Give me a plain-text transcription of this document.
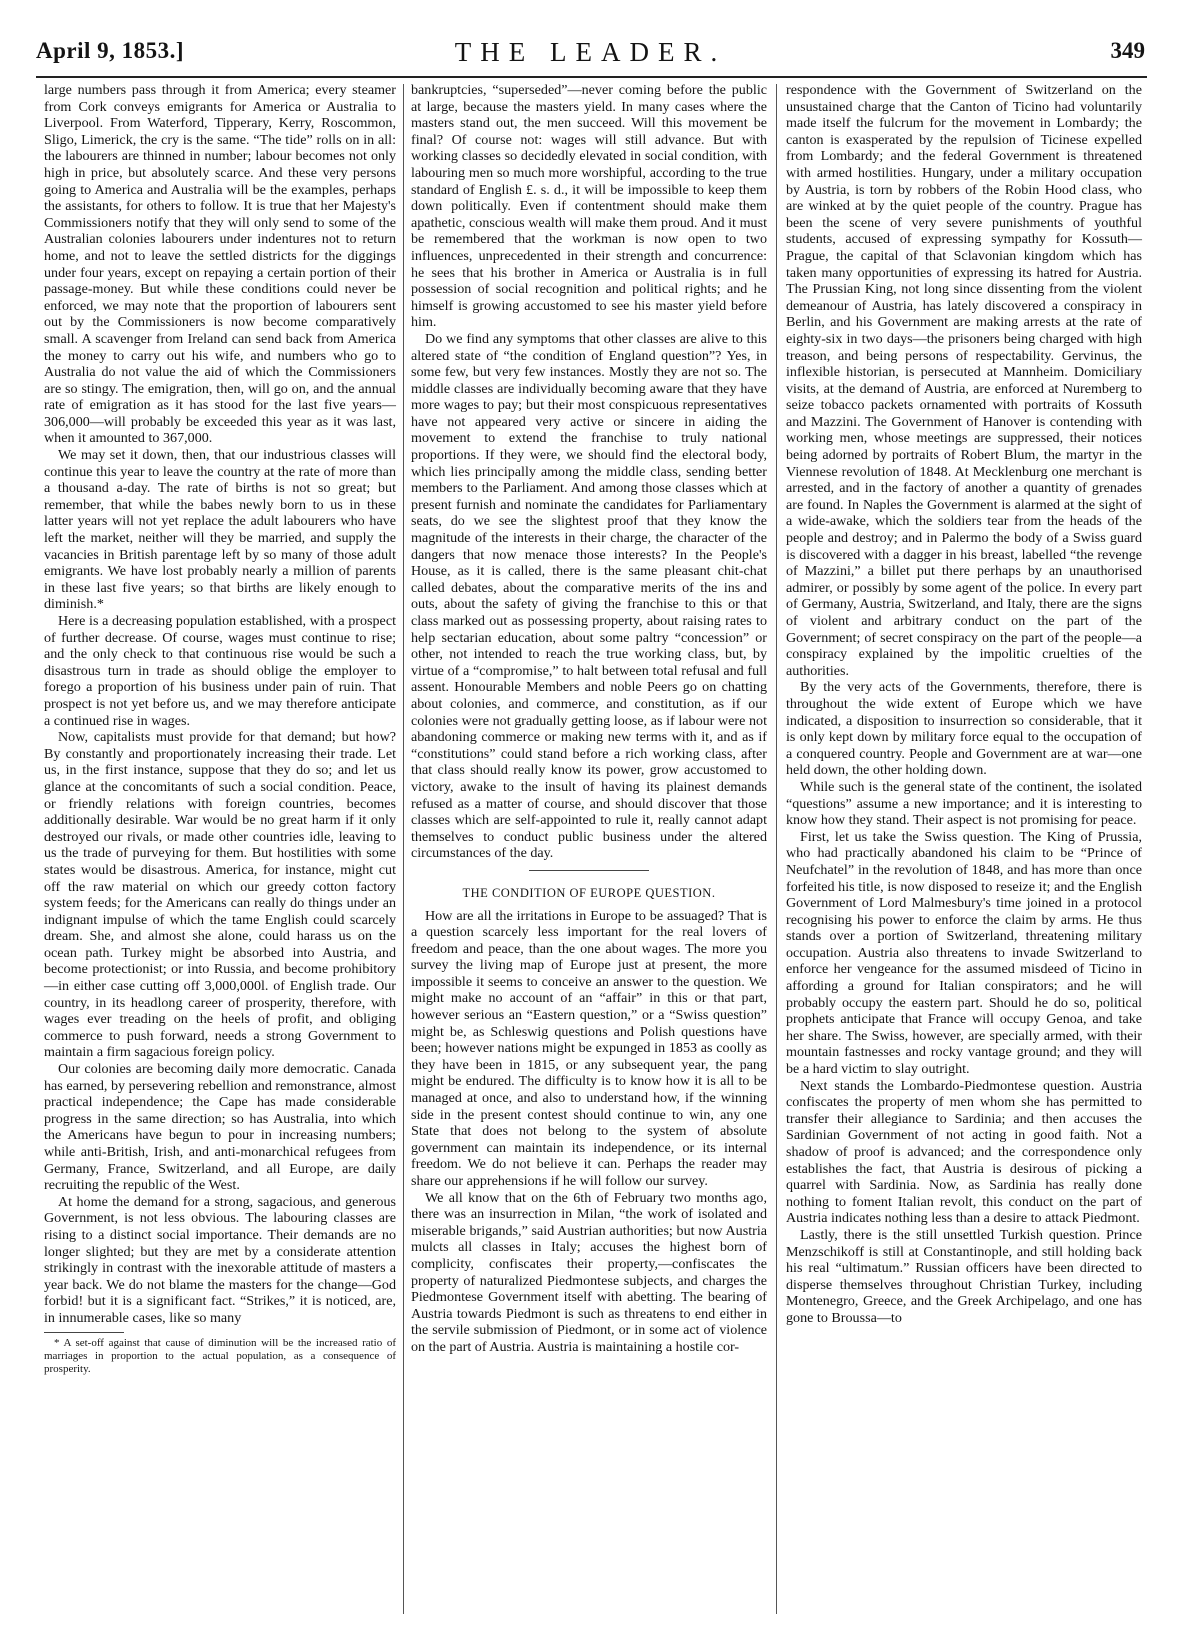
April 9, 1853.]	THE LEADER.	349

large numbers pass through it from America; every steamer from Cork conveys emigrants for America or Australia to Liverpool. From Waterford, Tipperary, Kerry, Roscommon, Sligo, Limerick, the cry is the same. “The tide” rolls on in all: the labourers are thinned in number; labour becomes not only high in price, but absolutely scarce. And these very persons going to America and Australia will be the examples, perhaps the assistants, for others to follow. It is true that her Majesty's Commissioners notify that they will only send to some of the Australian colonies labourers under indentures not to return home, and not to leave the settled districts for the diggings under four years, except on repaying a certain portion of their passage-money. But while these conditions could never be enforced, we may note that the proportion of labourers sent out by the Commissioners is now become comparatively small. A scavenger from Ireland can send back from America the money to carry out his wife, and numbers who go to Australia do not value the aid of which the Commissioners are so stingy. The emigration, then, will go on, and the annual rate of emigration as it has stood for the last five years—306,000—will probably be exceeded this year as it was last, when it amounted to 367,000.

We may set it down, then, that our industrious classes will continue this year to leave the country at the rate of more than a thousand a-day. The rate of births is not so great; but remember, that while the babes newly born to us in these latter years will not yet replace the adult labourers who have left the market, neither will they be married, and supply the vacancies in British parentage left by so many of those adult emigrants. We have lost probably nearly a million of parents in these last five years; so that births are likely enough to diminish.*

Here is a decreasing population established, with a prospect of further decrease. Of course, wages must continue to rise; and the only check to that continuous rise would be such a disastrous turn in trade as should oblige the employer to forego a proportion of his business under pain of ruin. That prospect is not yet before us, and we may therefore anticipate a continued rise in wages.

Now, capitalists must provide for that demand; but how? By constantly and proportionately increasing their trade. Let us, in the first instance, suppose that they do so; and let us glance at the concomitants of such a social condition. Peace, or friendly relations with foreign countries, becomes additionally desirable. War would be no great harm if it only destroyed our rivals, or made other countries idle, leaving to us the trade of purveying for them. But hostilities with some states would be disastrous. America, for instance, might cut off the raw material on which our greedy cotton factory system feeds; for the Americans can really do things under an indignant impulse of which the tame English could scarcely dream. She, and almost she alone, could harass us on the ocean path. Turkey might be absorbed into Austria, and become protectionist; or into Russia, and become prohibitory—in either case cutting off 3,000,000l. of English trade. Our country, in its headlong career of prosperity, therefore, with wages ever treading on the heels of profit, and obliging commerce to push forward, needs a strong Government to maintain a firm sagacious foreign policy.

Our colonies are becoming daily more democratic. Canada has earned, by persevering rebellion and remonstrance, almost practical independence; the Cape has made considerable progress in the same direction; so has Australia, into which the Americans have begun to pour in increasing numbers; while anti-British, Irish, and anti-monarchical refugees from Germany, France, Switzerland, and all Europe, are daily recruiting the republic of the West.

At home the demand for a strong, sagacious, and generous Government, is not less obvious. The labouring classes are rising to a distinct social importance. Their demands are no longer slighted; but they are met by a considerate attention strikingly in contrast with the inexorable attitude of masters a year back. We do not blame the masters for the change—God forbid! but it is a significant fact. “Strikes,” it is noticed, are, in innumerable cases, like so many

* A set-off against that cause of diminution will be the increased ratio of marriages in proportion to the actual population, as a consequence of prosperity.

bankruptcies, “superseded”—never coming before the public at large, because the masters yield. In many cases where the masters stand out, the men succeed. Will this movement be final? Of course not: wages will still advance. But with working classes so decidedly elevated in social condition, with labouring men so much more worshipful, according to the true standard of English £. s. d., it will be impossible to keep them down politically. Even if contentment should make them apathetic, conscious wealth will make them proud. And it must be remembered that the workman is now open to two influences, unprecedented in their strength and concurrence: he sees that his brother in America or Australia is in full possession of social recognition and political rights; and he himself is growing accustomed to see his master yield before him.

Do we find any symptoms that other classes are alive to this altered state of “the condition of England question”? Yes, in some few, but very few instances. Mostly they are not so. The middle classes are individually becoming aware that they have more wages to pay; but their most conspicuous representatives have not appeared very active or sincere in aiding the movement to extend the franchise to truly national proportions. If they were, we should find the electoral body, which lies principally among the middle class, sending better members to the Parliament. And among those classes which at present furnish and nominate the candidates for Parliamentary seats, do we see the slightest proof that they know the magnitude of the interests in their charge, the character of the dangers that now menace those interests? In the People's House, as it is called, there is the same pleasant chit-chat called debates, about the comparative merits of the ins and outs, about the safety of giving the franchise to this or that class marked out as possessing property, about raising rates to help sectarian education, about some paltry “concession” or other, not intended to reach the true working class, but, by virtue of a “compromise,” to halt between total refusal and full assent. Honourable Members and noble Peers go on chatting about colonies, and commerce, and constitution, as if our colonies were not gradually getting loose, as if labour were not abandoning commerce or making new terms with it, and as if “constitutions” could stand before a rich working class, after that class should really know its power, grow accustomed to victory, awake to the insult of having its plainest demands refused as a matter of course, and should discover that those classes which are self-appointed to rule it, really cannot adapt themselves to conduct public business under the altered circumstances of the day.

THE CONDITION OF EUROPE QUESTION.

How are all the irritations in Europe to be assuaged? That is a question scarcely less important for the real lovers of freedom and peace, than the one about wages. The more you survey the living map of Europe just at present, the more impossible it seems to conceive an answer to the question. We might make no account of an “affair” in this or that part, however serious an “Eastern question,” or a “Swiss question” might be, as Schleswig questions and Polish questions have been; however nations might be expunged in 1853 as coolly as they have been in 1815, or any subsequent year, the pang might be endured. The difficulty is to know how it is all to be managed at once, and also to understand how, if the winning side in the present contest should continue to win, any one State that does not belong to the system of absolute government can maintain its independence, or its internal freedom. We do not believe it can. Perhaps the reader may share our apprehensions if he will follow our survey.

We all know that on the 6th of February two months ago, there was an insurrection in Milan, “the work of isolated and miserable brigands,” said Austrian authorities; but now Austria mulcts all classes in Italy; accuses the highest born of complicity, confiscates their property,—confiscates the property of naturalized Piedmontese subjects, and charges the Piedmontese Government itself with abetting. The bearing of Austria towards Piedmont is such as threatens to end either in the servile submission of Piedmont, or in some act of violence on the part of Austria. Austria is maintaining a hostile cor-

respondence with the Government of Switzerland on the unsustained charge that the Canton of Ticino had voluntarily made itself the fulcrum for the movement in Lombardy; the canton is exasperated by the repulsion of Ticinese expelled from Lombardy; and the federal Government is threatened with armed hostilities. Hungary, under a military occupation by Austria, is torn by robbers of the Robin Hood class, who are winked at by the quiet people of the country. Prague has been the scene of very severe punishments of youthful students, accused of expressing sympathy for Kossuth—Prague, the capital of that Sclavonian kingdom which has taken many opportunities of expressing its hatred for Austria. The Prussian King, not long since dissenting from the violent demeanour of Austria, has lately discovered a conspiracy in Berlin, and his Government are making arrests at the rate of eighty-six in two days—the prisoners being charged with high treason, and being persons of respectability. Gervinus, the inflexible historian, is persecuted at Mannheim. Domiciliary visits, at the demand of Austria, are enforced at Nuremberg to seize tobacco packets ornamented with portraits of Kossuth and Mazzini. The Government of Hanover is contending with working men, whose meetings are suppressed, their notices being adorned by portraits of Robert Blum, the martyr in the Viennese revolution of 1848. At Mecklenburg one merchant is arrested, and in the factory of another a quantity of grenades are found. In Naples the Government is alarmed at the sight of a wide-awake, which the soldiers tear from the heads of the people and destroy; and in Palermo the body of a Swiss guard is discovered with a dagger in his breast, labelled “the revenge of Mazzini,” a billet put there perhaps by an unauthorised admirer, or possibly by some agent of the police. In every part of Germany, Austria, Switzerland, and Italy, there are the signs of violent and arbitrary conduct on the part of the Government; of secret conspiracy on the part of the people—a conspiracy explained by the impolitic cruelties of the authorities.

By the very acts of the Governments, therefore, there is throughout the wide extent of Europe which we have indicated, a disposition to insurrection so considerable, that it is only kept down by military force equal to the occupation of a conquered country. People and Government are at war—one held down, the other holding down.

While such is the general state of the continent, the isolated “questions” assume a new importance; and it is interesting to know how they stand. Their aspect is not promising for peace.

First, let us take the Swiss question. The King of Prussia, who had practically abandoned his claim to be “Prince of Neufchatel” in the revolution of 1848, and has more than once forfeited his title, is now disposed to reseize it; and the English Government of Lord Malmesbury's time joined in a protocol recognising his power to enforce the claim by arms. He thus stands over a portion of Switzerland, threatening military occupation. Austria also threatens to invade Switzerland to enforce her vengeance for the assumed misdeed of Ticino in affording a ground for Italian conspirators; and he will probably occupy the eastern part. Should he do so, political prophets anticipate that France will occupy Genoa, and take her share. The Swiss, however, are specially armed, with their mountain fastnesses and rocky vantage ground; and they will be a hard victim to slay outright.

Next stands the Lombardo-Piedmontese question. Austria confiscates the property of men whom she has permitted to transfer their allegiance to Sardinia; and then accuses the Sardinian Government of not acting in good faith. Not a shadow of proof is advanced; and the correspondence only establishes the fact, that Austria is desirous of picking a quarrel with Sardinia. Now, as Sardinia has really done nothing to foment Italian revolt, this conduct on the part of Austria indicates nothing less than a desire to attack Piedmont.

Lastly, there is the still unsettled Turkish question. Prince Menzschikoff is still at Constantinople, and still holding back his real “ultimatum.” Russian officers have been directed to disperse themselves throughout Christian Turkey, including Montenegro, Greece, and the Greek Archipelago, and one has gone to Broussa—to
